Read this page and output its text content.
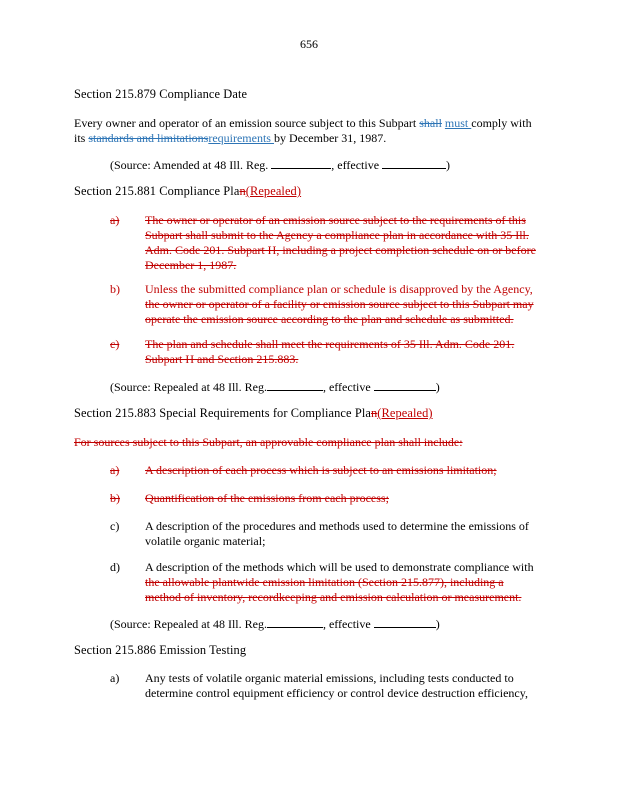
656
Section 215.879 Compliance Date
Every owner and operator of an emission source subject to this Subpart shall must comply with its standards and limitationsrequirements by December 31, 1987.
(Source: Amended at 48 Ill. Reg.	, effective	)
Section 215.881 Compliance Plan(Repealed)
a) The owner or operator of an emission source subject to the requirements of this Subpart shall submit to the Agency a compliance plan in accordance with 35 Ill. Adm. Code 201. Subpart H, including a project completion schedule on or before December 1, 1987.
b) Unless the submitted compliance plan or schedule is disapproved by the Agency, the owner or operator of a facility or emission source subject to this Subpart may operate the emission source according to the plan and schedule as submitted.
c) The plan and schedule shall meet the requirements of 35 Ill. Adm. Code 201. Subpart H and Section 215.883.
(Source: Repealed at 48 Ill. Reg.	, effective	)
Section 215.883 Special Requirements for Compliance Plan(Repealed)
For sources subject to this Subpart, an approvable compliance plan shall include:
a) A description of each process which is subject to an emissions limitation;
b) Quantification of the emissions from each process;
c) A description of the procedures and methods used to determine the emissions of volatile organic material;
d) A description of the methods which will be used to demonstrate compliance with the allowable plantwide emission limitation (Section 215.877), including a method of inventory, recordkeeping and emission calculation or measurement.
(Source: Repealed at 48 Ill. Reg.	, effective	)
Section 215.886 Emission Testing
a) Any tests of volatile organic material emissions, including tests conducted to determine control equipment efficiency or control device destruction efficiency,
